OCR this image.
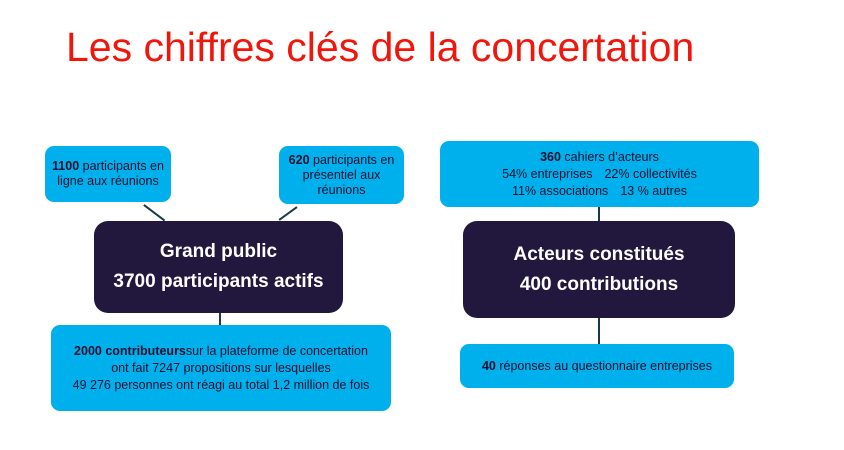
Les chiffres clés de la concertation
1100 participants en ligne aux réunions
620 participants en présentiel aux réunions
Grand public
3700 participants actifs
2000 contributeurssur la plateforme de concertation
ont fait 7247 propositions sur lesquelles
49 276 personnes ont réagi au total 1,2 million de fois
360 cahiers d’acteurs
54% entreprises 22% collectivités
11% associations 13 % autres
Acteurs constitués
400 contributions
40 réponses au questionnaire entreprises
